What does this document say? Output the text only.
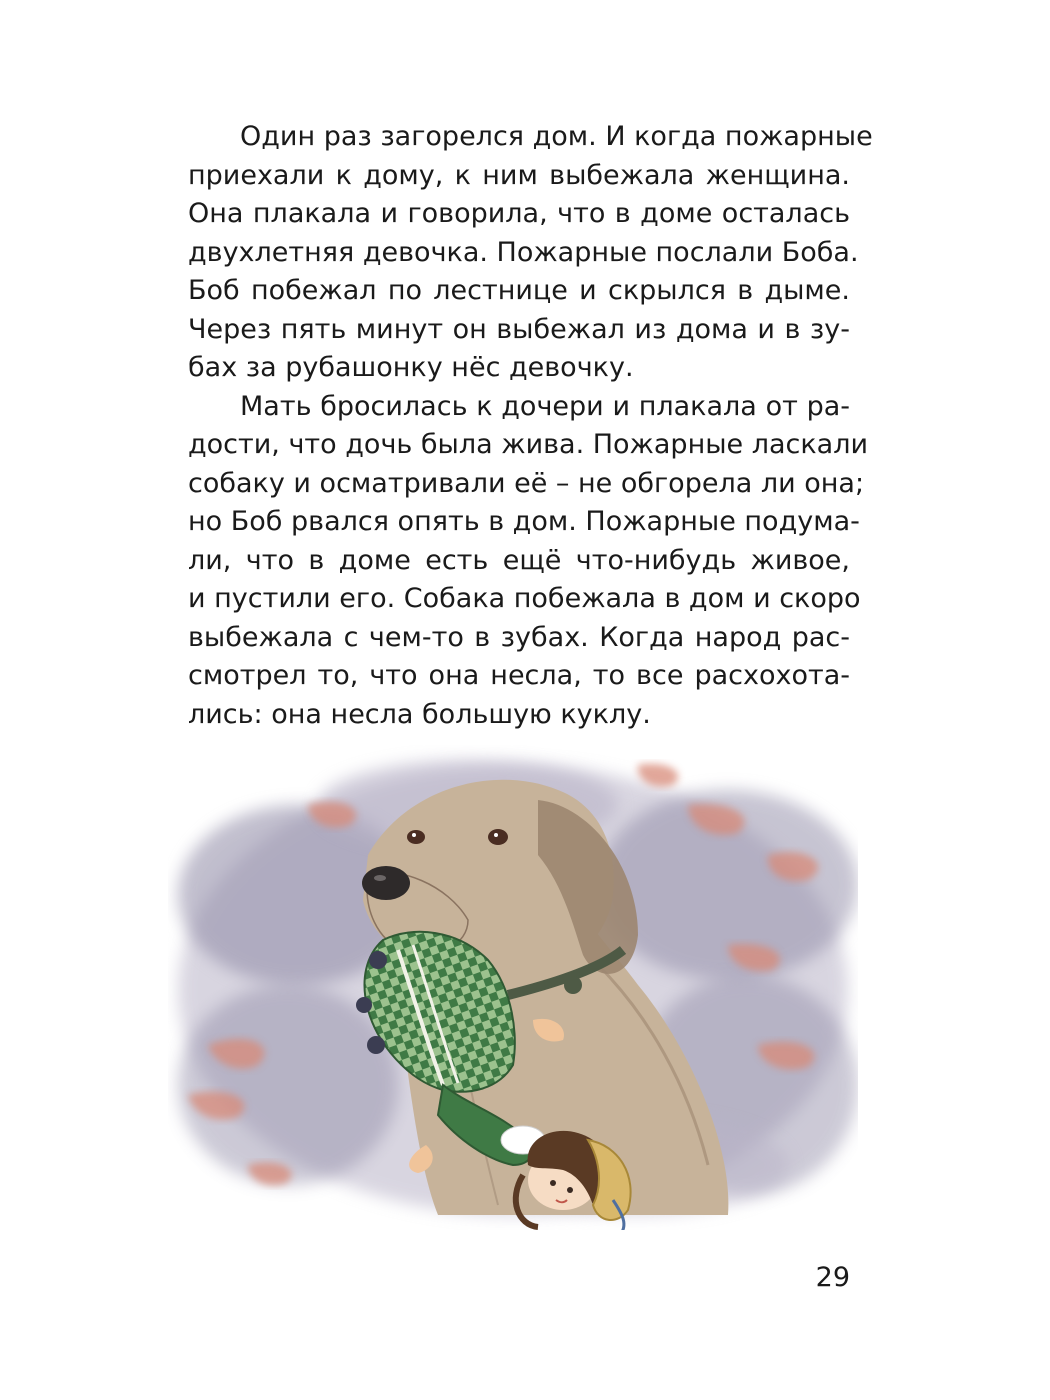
Один раз загорелся дом. И когда пожарные
приехали к дому, к ним выбежала женщина.
Она плакала и говорила, что в доме осталась
двухлетняя девочка. Пожарные послали Боба.
Боб побежал по лестнице и скрылся в дыме.
Через пять минут он выбежал из дома и в зу-
бах за рубашонку нёс девочку.
Мать бросилась к дочери и плакала от ра-
дости, что дочь была жива. Пожарные ласкали
собаку и осматривали её – не обгорела ли она;
но Боб рвался опять в дом. Пожарные подума-
ли, что в доме есть ещё что-нибудь живое,
и пустили его. Собака побежала в дом и скоро
выбежала с чем-то в зубах. Когда народ рас-
смотрел то, что она несла, то все расхохота-
лись: она несла большую куклу.
29
